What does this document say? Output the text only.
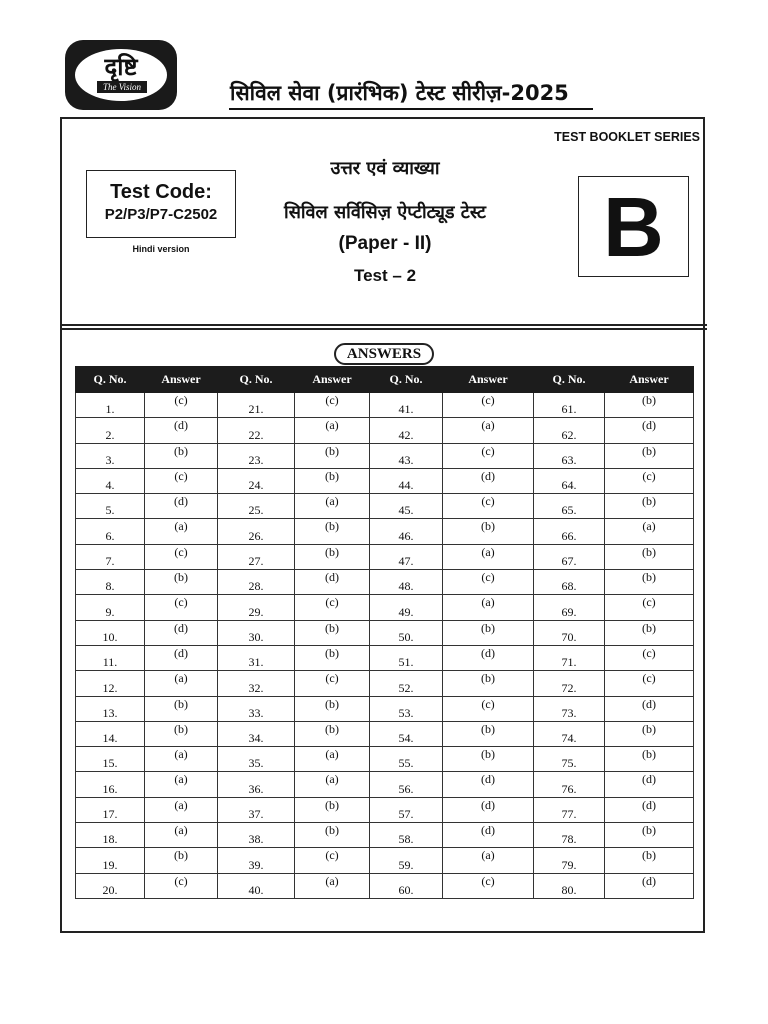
दृष्टि
The Vision	सिविल सेवा (प्रारंभिक) टेस्ट सीरीज़-2025
TEST BOOKLET SERIES
Test Code:
P2/P3/P7-C2502
Hindi version
उत्तर एवं व्याख्या
सिविल सर्विसिज़ ऐप्टीट्यूड टेस्ट
(Paper - II)
Test – 2
B
ANSWERS
Q. No.	Answer	Q. No.	Answer	Q. No.	Answer	Q. No.	Answer
1.	(c)	21.	(c)	41.	(c)	61.	(b)
2.	(d)	22.	(a)	42.	(a)	62.	(d)
3.	(b)	23.	(b)	43.	(c)	63.	(b)
4.	(c)	24.	(b)	44.	(d)	64.	(c)
5.	(d)	25.	(a)	45.	(c)	65.	(b)
6.	(a)	26.	(b)	46.	(b)	66.	(a)
7.	(c)	27.	(b)	47.	(a)	67.	(b)
8.	(b)	28.	(d)	48.	(c)	68.	(b)
9.	(c)	29.	(c)	49.	(a)	69.	(c)
10.	(d)	30.	(b)	50.	(b)	70.	(b)
11.	(d)	31.	(b)	51.	(d)	71.	(c)
12.	(a)	32.	(c)	52.	(b)	72.	(c)
13.	(b)	33.	(b)	53.	(c)	73.	(d)
14.	(b)	34.	(b)	54.	(b)	74.	(b)
15.	(a)	35.	(a)	55.	(b)	75.	(b)
16.	(a)	36.	(a)	56.	(d)	76.	(d)
17.	(a)	37.	(b)	57.	(d)	77.	(d)
18.	(a)	38.	(b)	58.	(d)	78.	(b)
19.	(b)	39.	(c)	59.	(a)	79.	(b)
20.	(c)	40.	(a)	60.	(c)	80.	(d)
